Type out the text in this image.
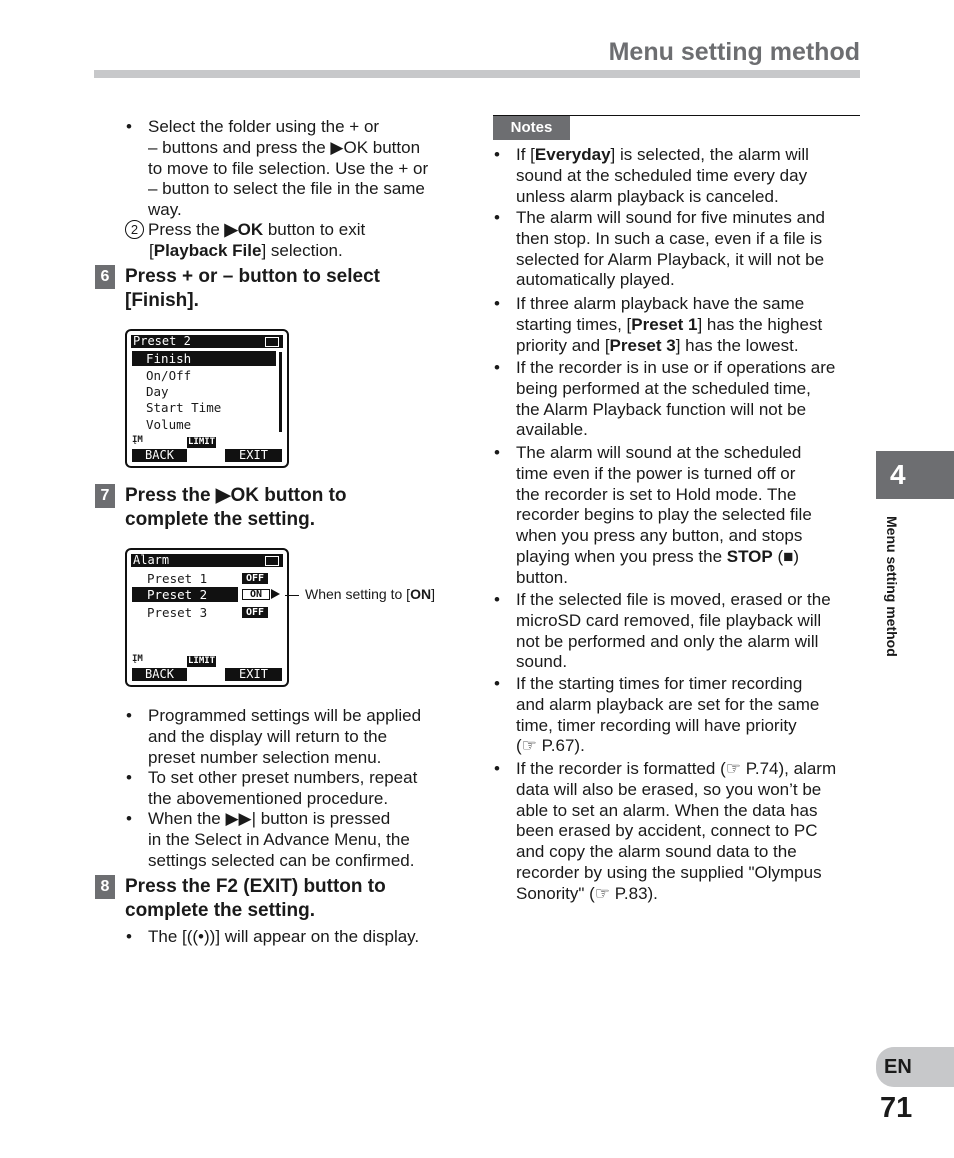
Menu setting method
• Select the folder using the + or
– buttons and press the ▶OK button
to move to file selection. Use the + or
– button to select the file in the same
way.
2 Press the ▶OK button to exit
[Playback File] selection.
6 Press + or – button to select
[Finish].
Preset 2
Finish
On/Off
Day
Start Time
Volume
ĮM	LIMIT
BACK	EXIT
7 Press the ▶OK button to
complete the setting.
Alarm
Preset 1	OFF
Preset 2	ON
Preset 3	OFF
ĮM	LIMIT
BACK	EXIT
When setting to [ON]
• Programmed settings will be applied
and the display will return to the
preset number selection menu.
• To set other preset numbers, repeat
the abovementioned procedure.
• When the ▶▶| button is pressed
in the Select in Advance Menu, the
settings selected can be confirmed.
8 Press the F2 (EXIT) button to
complete the setting.
• The [((•))] will appear on the display.
Notes
• If [Everyday] is selected, the alarm will
sound at the scheduled time every day
unless alarm playback is canceled.
• The alarm will sound for five minutes and
then stop. In such a case, even if a file is
selected for Alarm Playback, it will not be
automatically played.
• If three alarm playback have the same
starting times, [Preset 1] has the highest
priority and [Preset 3] has the lowest.
• If the recorder is in use or if operations are
being performed at the scheduled time,
the Alarm Playback function will not be
available.
• The alarm will sound at the scheduled
time even if the power is turned off or
the recorder is set to Hold mode. The
recorder begins to play the selected file
when you press any button, and stops
playing when you press the STOP (■)
button.
• If the selected file is moved, erased or the
microSD card removed, file playback will
not be performed and only the alarm will
sound.
• If the starting times for timer recording
and alarm playback are set for the same
time, timer recording will have priority
(☞ P.67).
• If the recorder is formatted (☞ P.74), alarm
data will also be erased, so you won’t be
able to set an alarm. When the data has
been erased by accident, connect to PC
and copy the alarm sound data to the
recorder by using the supplied "Olympus
Sonority" (☞ P.83).
4
Menu setting method
EN
71
